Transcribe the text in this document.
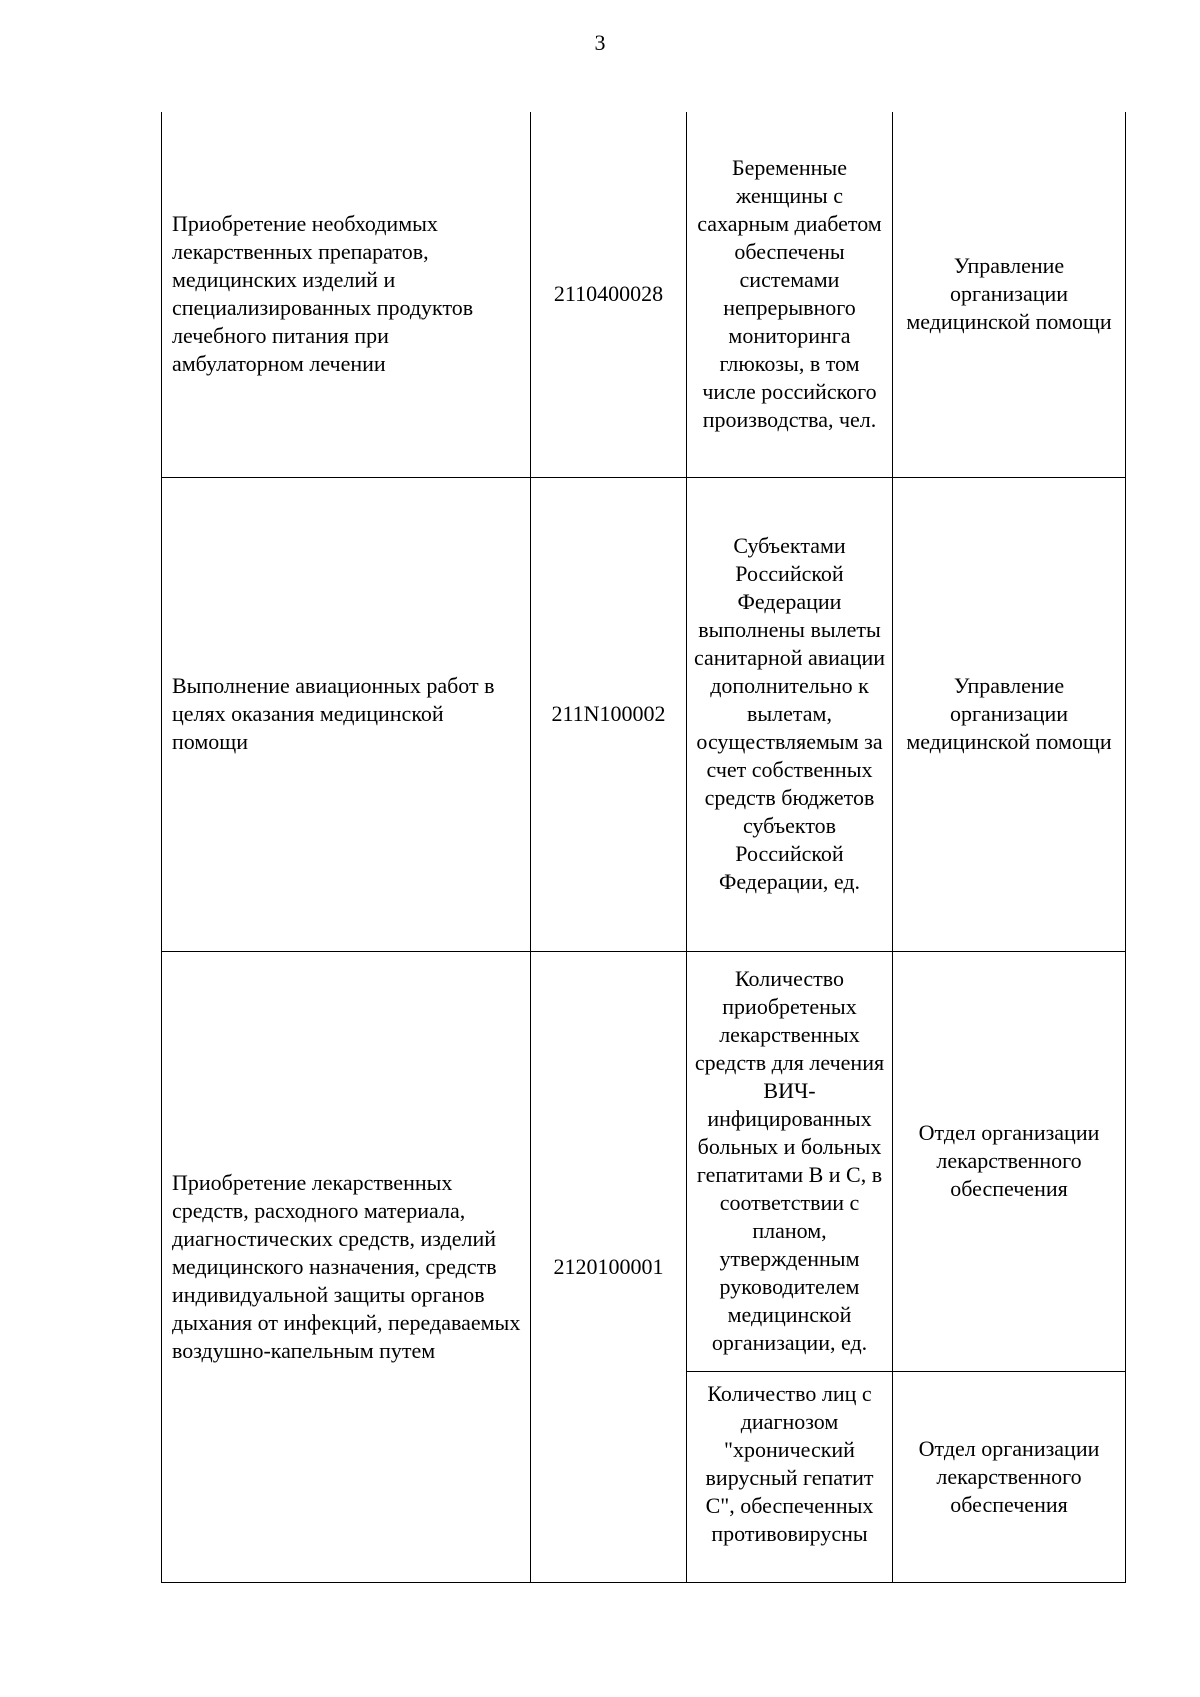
3
Приобретение необходимых лекарственных препаратов, медицинских изделий и специализированных продуктов лечебного питания при амбулаторном лечении	2110400028	Беременные женщины с сахарным диабетом обеспечены системами непрерывного мониторинга глюкозы, в том числе российского производства, чел.	Управление организации медицинской помощи

Выполнение авиационных работ в целях оказания медицинской помощи	211N100002	Субъектами Российской Федерации выполнены вылеты санитарной авиации дополнительно к вылетам, осуществляемым за счет собственных средств бюджетов субъектов Российской Федерации, ед.	Управление организации медицинской помощи

Приобретение лекарственных средств, расходного материала, диагностических средств, изделий медицинского назначения, средств индивидуальной защиты органов дыхания от инфекций, передаваемых воздушно-капельным путем	2120100001	Количество приобретеных лекарственных средств для лечения ВИЧ-инфицированных больных и больных гепатитами В и С, в соответствии с планом, утвержденным руководителем медицинской организации, ед.	Отдел организации лекарственного обеспечения

		Количество лиц с диагнозом "хронический вирусный гепатит С", обеспеченных противовирусны	Отдел организации лекарственного обеспечения
